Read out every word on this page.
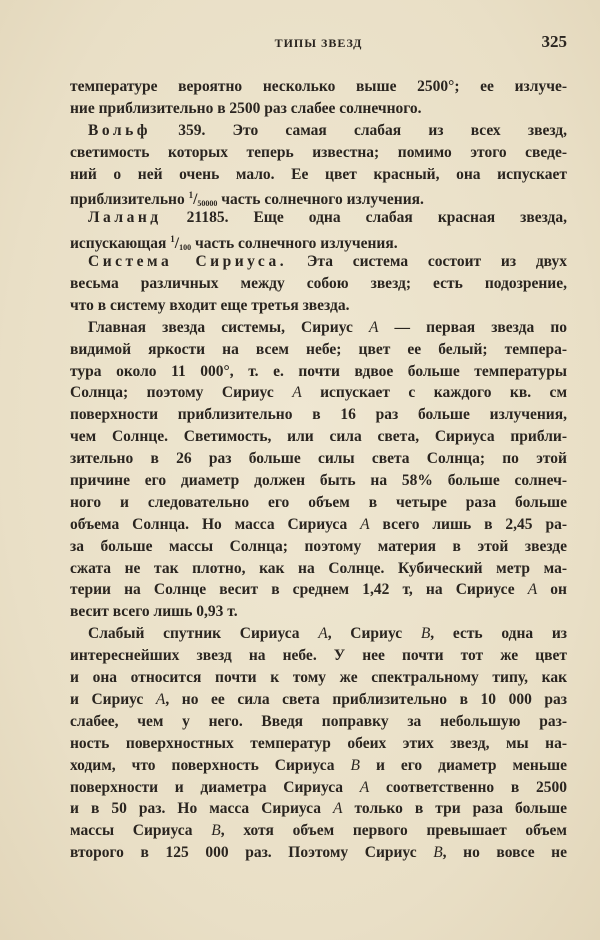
ТИПЫ ЗВЕЗД	325
температуре вероятно несколько выше 2500°; ее излуче-
ние приблизительно в 2500 раз слабее солнечного.
Вольф 359. Это самая слабая из всех звезд,
светимость которых теперь известна; помимо этого сведе-
ний о ней очень мало. Ее цвет красный, она испускает
приблизительно $^1/_{50000}$ часть солнечного излучения.
Лаланд 21185. Еще одна слабая красная звезда,
испускающая $^1/_{100}$ часть солнечного излучения.
Система Сириуса. Эта система состоит из двух
весьма различных между собою звезд; есть подозрение,
что в систему входит еще третья звезда.
Главная звезда системы, Сириус A — первая звезда по
видимой яркости на всем небе; цвет ее белый; темпера-
тура около 11 000°, т. е. почти вдвое больше температуры
Солнца; поэтому Сириус A испускает с каждого кв. см
поверхности приблизительно в 16 раз больше излучения,
чем Солнце. Светимость, или сила света, Сириуса прибли-
зительно в 26 раз больше силы света Солнца; по этой
причине его диаметр должен быть на 58% больше солнеч-
ного и следовательно его объем в четыре раза больше
объема Солнца. Но масса Сириуса A всего лишь в 2,45 ра-
за больше массы Солнца; поэтому материя в этой звезде
сжата не так плотно, как на Солнце. Кубический метр ма-
терии на Солнце весит в среднем 1,42 т, на Сириусе A он
весит всего лишь 0,93 т.
Слабый спутник Сириуса A, Сириус B, есть одна из
интереснейших звезд на небе. У нее почти тот же цвет
и она относится почти к тому же спектральному типу, как
и Сириус A, но ее сила света приблизительно в 10 000 раз
слабее, чем у него. Введя поправку за небольшую раз-
ность поверхностных температур обеих этих звезд, мы на-
ходим, что поверхность Сириуса B и его диаметр меньше
поверхности и диаметра Сириуса A соответственно в 2500
и в 50 раз. Но масса Сириуса A только в три раза больше
массы Сириуса B, хотя объем первого превышает объем
второго в 125 000 раз. Поэтому Сириус B, но вовсе не
